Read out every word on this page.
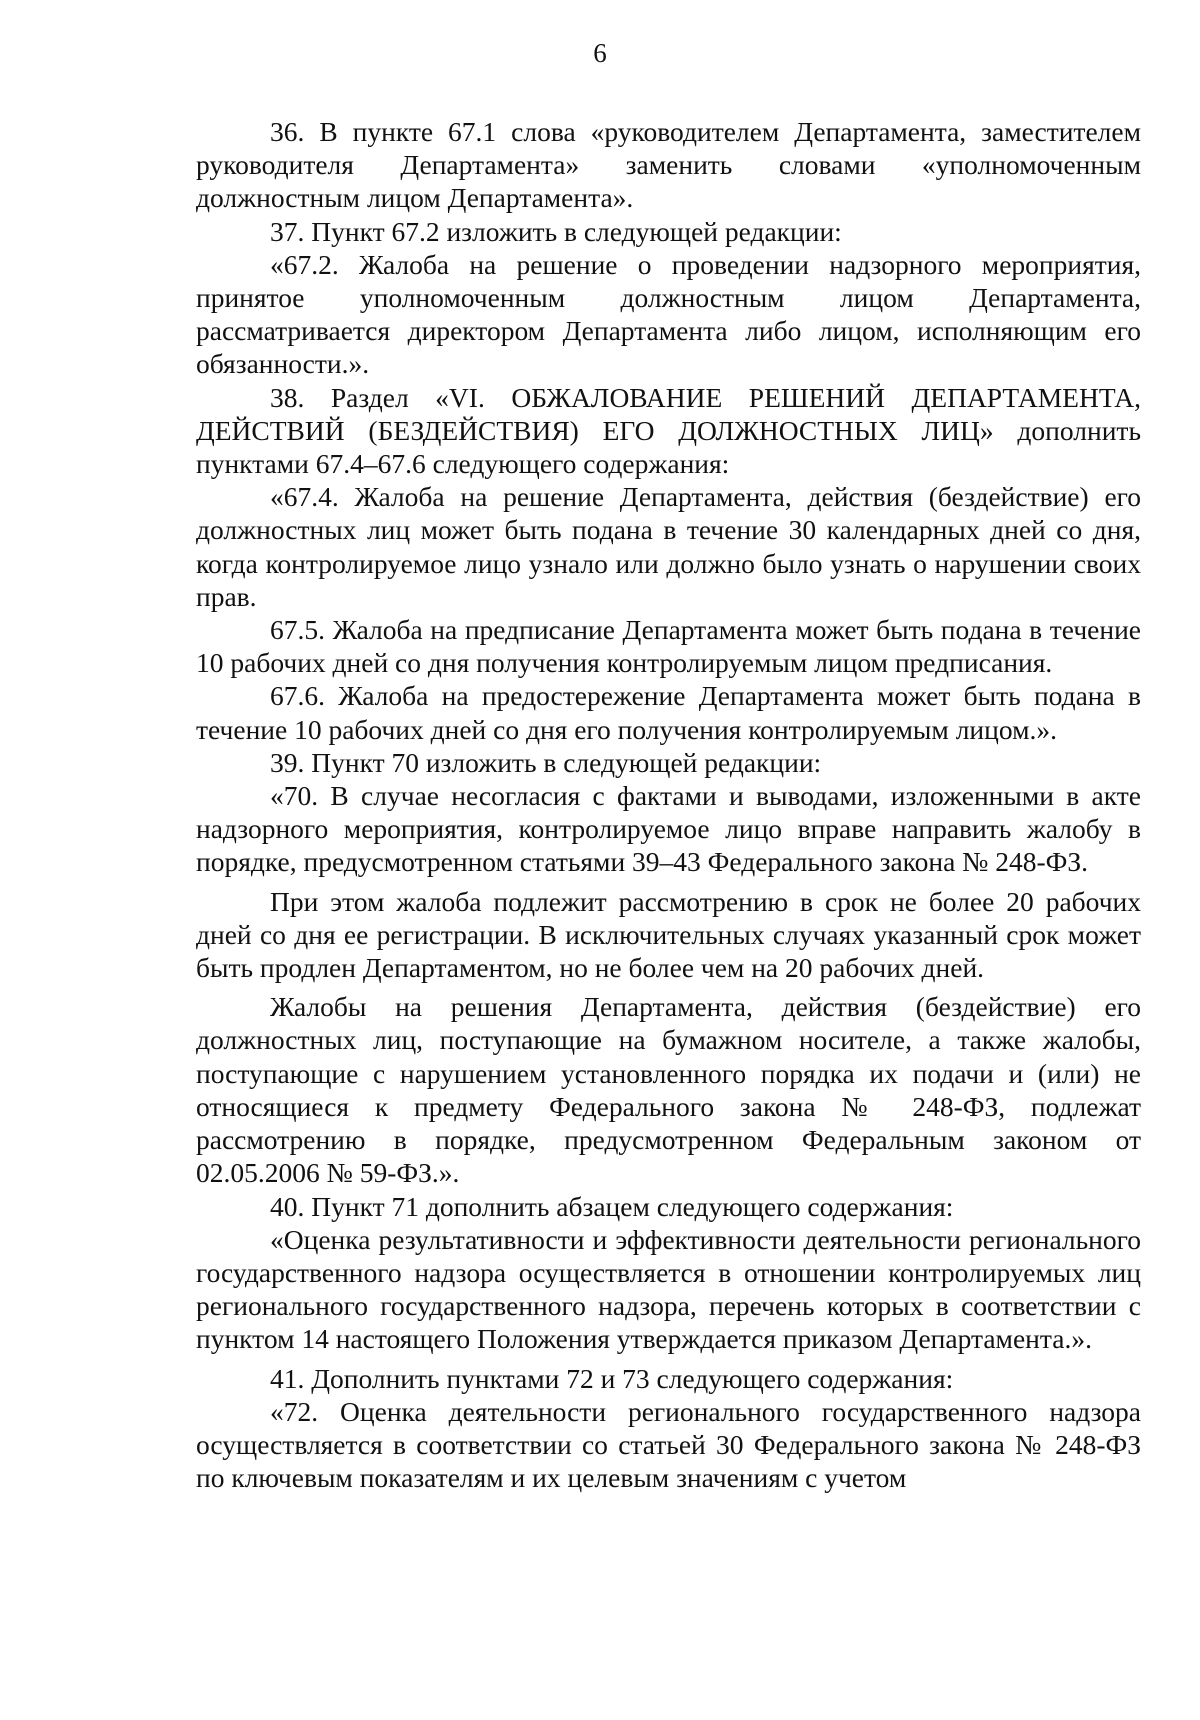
6

36. В пункте 67.1 слова «руководителем Департамента, заместителем руководителя Департамента» заменить словами «уполномоченным должностным лицом Департамента».

37. Пункт 67.2 изложить в следующей редакции:

«67.2. Жалоба на решение о проведении надзорного мероприятия, принятое уполномоченным должностным лицом Департамента, рассматривается директором Департамента либо лицом, исполняющим его обязанности.».

38. Раздел «VI. ОБЖАЛОВАНИЕ РЕШЕНИЙ ДЕПАРТАМЕНТА, ДЕЙСТВИЙ (БЕЗДЕЙСТВИЯ) ЕГО ДОЛЖНОСТНЫХ ЛИЦ» дополнить пунктами 67.4–67.6 следующего содержания:

«67.4. Жалоба на решение Департамента, действия (бездействие) его должностных лиц может быть подана в течение 30 календарных дней со дня, когда контролируемое лицо узнало или должно было узнать о нарушении своих прав.

67.5. Жалоба на предписание Департамента может быть подана в течение 10 рабочих дней со дня получения контролируемым лицом предписания.

67.6. Жалоба на предостережение Департамента может быть подана в течение 10 рабочих дней со дня его получения контролируемым лицом.».

39. Пункт 70 изложить в следующей редакции:

«70. В случае несогласия с фактами и выводами, изложенными в акте надзорного мероприятия, контролируемое лицо вправе направить жалобу в порядке, предусмотренном статьями 39–43 Федерального закона № 248-ФЗ.

При этом жалоба подлежит рассмотрению в срок не более 20 рабочих дней со дня ее регистрации. В исключительных случаях указанный срок может быть продлен Департаментом, но не более чем на 20 рабочих дней.

Жалобы на решения Департамента, действия (бездействие) его должностных лиц, поступающие на бумажном носителе, а также жалобы, поступающие с нарушением установленного порядка их подачи и (или) не относящиеся к предмету Федерального закона № 248-ФЗ, подлежат рассмотрению в порядке, предусмотренном Федеральным законом от 02.05.2006 № 59-ФЗ.».

40. Пункт 71 дополнить абзацем следующего содержания:

«Оценка результативности и эффективности деятельности регионального государственного надзора осуществляется в отношении контролируемых лиц регионального государственного надзора, перечень которых в соответствии с пунктом 14 настоящего Положения утверждается приказом Департамента.».

41. Дополнить пунктами 72 и 73 следующего содержания:

«72. Оценка деятельности регионального государственного надзора осуществляется в соответствии со статьей 30 Федерального закона № 248-ФЗ по ключевым показателям и их целевым значениям с учетом
